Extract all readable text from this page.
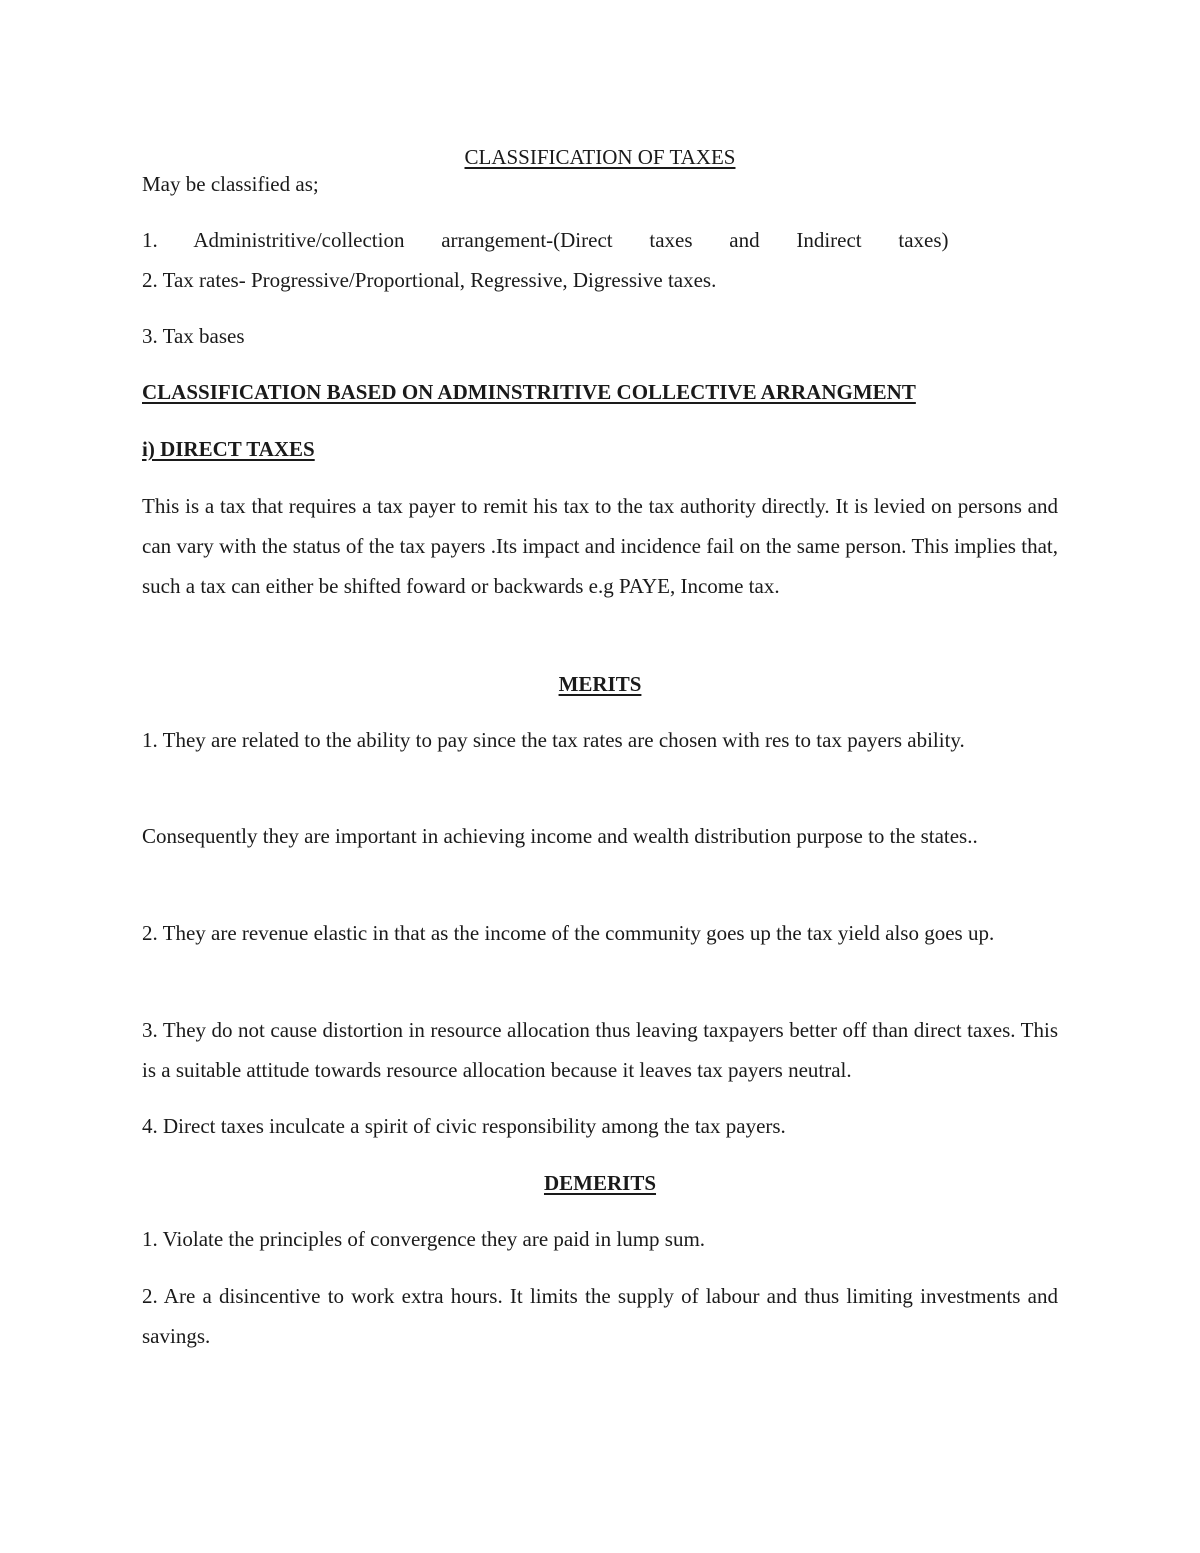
CLASSIFICATION OF TAXES

May be classified as;

1.       Administritive/collection       arrangement-(Direct       taxes       and       Indirect       taxes)

2. Tax rates- Progressive/Proportional, Regressive, Digressive taxes.

3. Tax bases

CLASSIFICATION BASED ON ADMINSTRITIVE COLLECTIVE ARRANGMENT

i) DIRECT TAXES

This is a tax that requires a tax payer to remit his tax to the tax authority directly. It is levied on persons and can vary with the status of the tax payers .Its impact and incidence fail on the same person. This implies that, such a tax can either be shifted foward or backwards e.g PAYE, Income tax.

MERITS

1. They are related to the ability to pay since the tax rates are chosen with res to tax payers ability.

Consequently they are important in achieving income and wealth distribution purpose to the states..

2. They are revenue elastic in that as the income of the community goes up the tax yield also goes up.

3. They do not cause distortion in resource allocation thus leaving taxpayers better off than direct taxes. This is a suitable attitude towards resource allocation because it leaves tax payers neutral.

4. Direct taxes inculcate a spirit of civic responsibility among the tax payers.

DEMERITS

1. Violate the principles of convergence they are paid in lump sum.

2. Are a disincentive to work extra hours. It limits the supply of labour and thus limiting investments and savings.
